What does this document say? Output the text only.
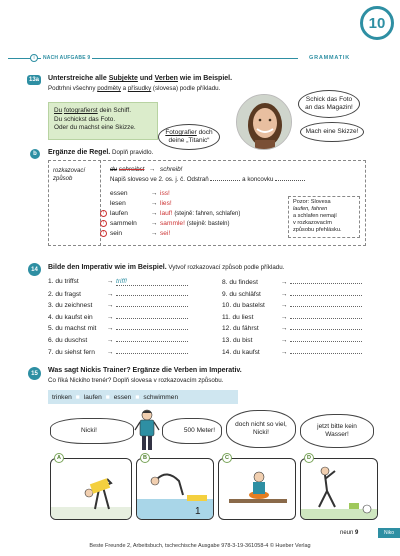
10
i	NACH AUFGABE 9	GRAMMATIK
13a Unterstreiche alle Subjekte und Verben wie im Beispiel.
Podtrhni všechny podměty a přísudky (slovesa) podle příkladu.
Du fotografierst dein Schiff.
Du schickst das Foto.
Oder du machst eine Skizze.
Fotografier doch
deine „Titanic“
Schick das Foto an das Magazin!
Mach eine Skizze!
b Ergänze die Regel. Doplň pravidlo.
rozkazovací
způsob
du schreibst → schreib!
Napiš sloveso ve 2. os. j. č. Odstraň	a koncovku
essen	→ iss!
lesen	→ lies!
! laufen	→ lauf! (stejně: fahren, schlafen)
! sammeln → sammle! (stejně: basteln)
! sein	→ sei!
Pozor: Slovesa
laufen, fahren
a schlafen nemají
v rozkazovacím
způsobu přehlásku.
14 Bilde den Imperativ wie im Beispiel. Vytvoř rozkazovací způsob podle příkladu.
1. du triffst	→ triff!
2. du fragst	→
3. du zeichnest →
4. du kaufst ein →
5. du machst mit →
6. du duschst	→
7. du siehst fern →
8. du findest	→
9. du schläfst	→
10. du bastelst →
11. du liest	→
12. du fährst	→
13. du bist	→
14. du kaufst	→
15 Was sagt Nickis Trainer? Ergänze die Verben im Imperativ.
Co říká Nickiho trenér? Doplň slovesa v rozkazovacím způsobu.
trinken ■ laufen ■ essen ■ schwimmen
Nicki!	500 Meter!
doch nicht so viel, Nicki!
jetzt bitte kein Wasser!
1
A	B	C	D
neun 9	Niko
Beste Freunde 2, Arbeitsbuch, tschechische Ausgabe 978-3-19-361058-4 © Hueber Verlag
